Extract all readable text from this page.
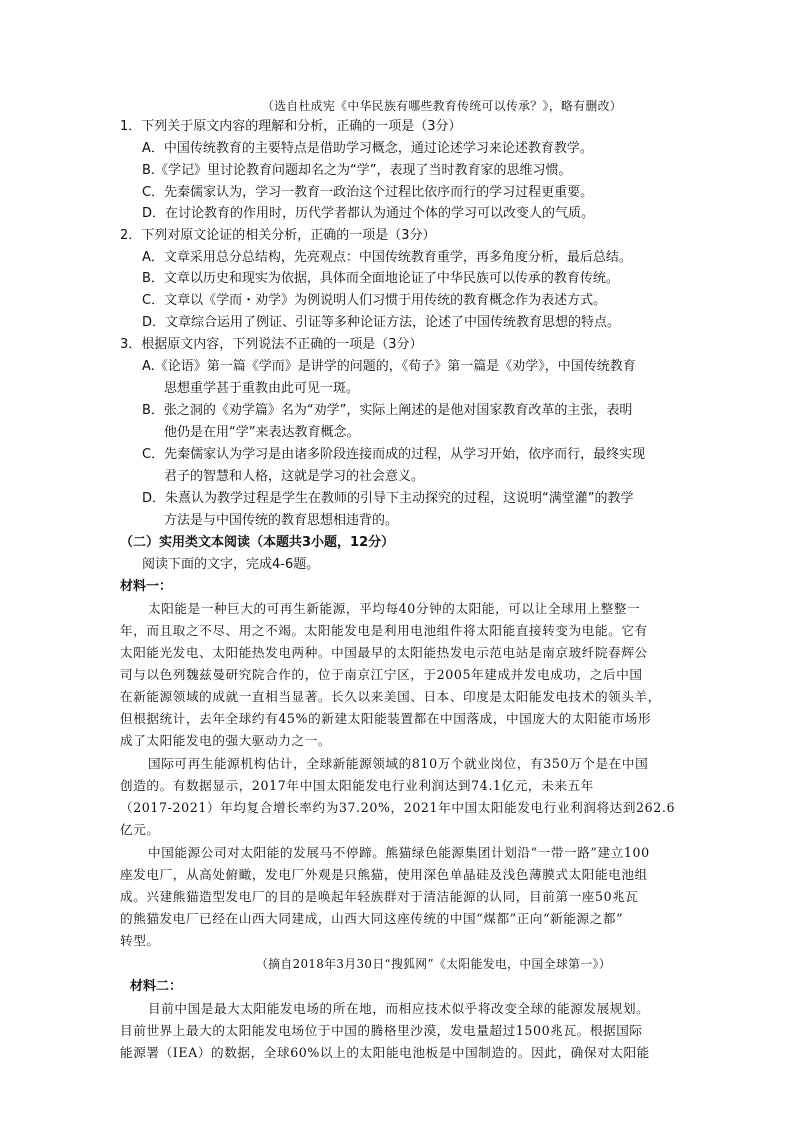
（选自杜成宪《中华民族有哪些教育传统可以传承？》，略有删改）
1．下列关于原文内容的理解和分析，正确的一项是（3分）
A．中国传统教育的主要特点是借助学习概念，通过论述学习来论述教育教学。
B.《学记》里讨论教育问题却名之为“学”，表现了当时教育家的思维习惯。
C．先秦儒家认为，学习一教育一政治这个过程比依序而行的学习过程更重要。
D．在讨论教育的作用时，历代学者都认为通过个体的学习可以改变人的气质。
2．下列对原文论证的相关分析，正确的一项是（3分）
A．文章采用总分总结构，先亮观点：中国传统教育重学，再多角度分析，最后总结。
B．文章以历史和现实为依据，具体而全面地论证了中华民族可以传承的教育传统。
C．文章以《学而・劝学》为例说明人们习惯于用传统的教育概念作为表述方式。
D．文章综合运用了例证、引证等多种论证方法，论述了中国传统教育思想的特点。
3．根据原文内容，下列说法不正确的一项是（3分）
A.《论语》第一篇《学而》是讲学的问题的，《荀子》第一篇是《劝学》，中国传统教育
思想重学甚于重教由此可见一斑。
B．张之洞的《劝学篇》名为“劝学”，实际上阐述的是他对国家教育改革的主张，表明
他仍是在用“学”来表达教育概念。
C．先秦儒家认为学习是由诸多阶段连接而成的过程，从学习开始，依序而行，最终实现
君子的智慧和人格，这就是学习的社会意义。
D．朱熹认为教学过程是学生在教师的引导下主动探究的过程，这说明“满堂灌”的教学
方法是与中国传统的教育思想相违背的。
（二）实用类文本阅读（本题共3小题，12分）
阅读下面的文字，完成4-6题。
材料一：
太阳能是一种巨大的可再生新能源，平均每40分钟的太阳能，可以让全球用上整整一
年，而且取之不尽、用之不竭。太阳能发电是利用电池组件将太阳能直接转变为电能。它有
太阳能光发电、太阳能热发电两种。中国最早的太阳能热发电示范电站是南京玻纤院春辉公
司与以色列魏兹曼研究院合作的，位于南京江宁区，于2005年建成并发电成功，之后中国
在新能源领域的成就一直相当显著。长久以来美国、日本、印度是太阳能发电技术的领头羊，
但根据统计，去年全球约有45%的新建太阳能装置都在中国落成，中国庞大的太阳能市场形
成了太阳能发电的强大驱动力之一。
国际可再生能源机构估计，全球新能源领域的810万个就业岗位，有350万个是在中国
创造的。有数据显示，2017年中国太阳能发电行业利润达到74.1亿元，未来五年
（2017-2021）年均复合增长率约为37.20%，2021年中国太阳能发电行业利润将达到262.6
亿元。
中国能源公司对太阳能的发展马不停蹄。熊猫绿色能源集团计划沿“一带一路”建立100
座发电厂，从高处俯瞰，发电厂外观是只熊猫，使用深色单晶硅及浅色薄膜式太阳能电池组
成。兴建熊猫造型发电厂的目的是唤起年轻族群对于清洁能源的认同，目前第一座50兆瓦
的熊猫发电厂已经在山西大同建成，山西大同这座传统的中国“煤都”正向“新能源之都”
转型。
（摘自2018年3月30日“搜狐网”《太阳能发电，中国全球第一》）
材料二：
目前中国是最大太阳能发电场的所在地，而相应技术似乎将改变全球的能源发展规划。
目前世界上最大的太阳能发电场位于中国的腾格里沙漠，发电量超过1500兆瓦。根据国际
能源署（IEA）的数据，全球60%以上的太阳能电池板是中国制造的。因此，确保对太阳能
